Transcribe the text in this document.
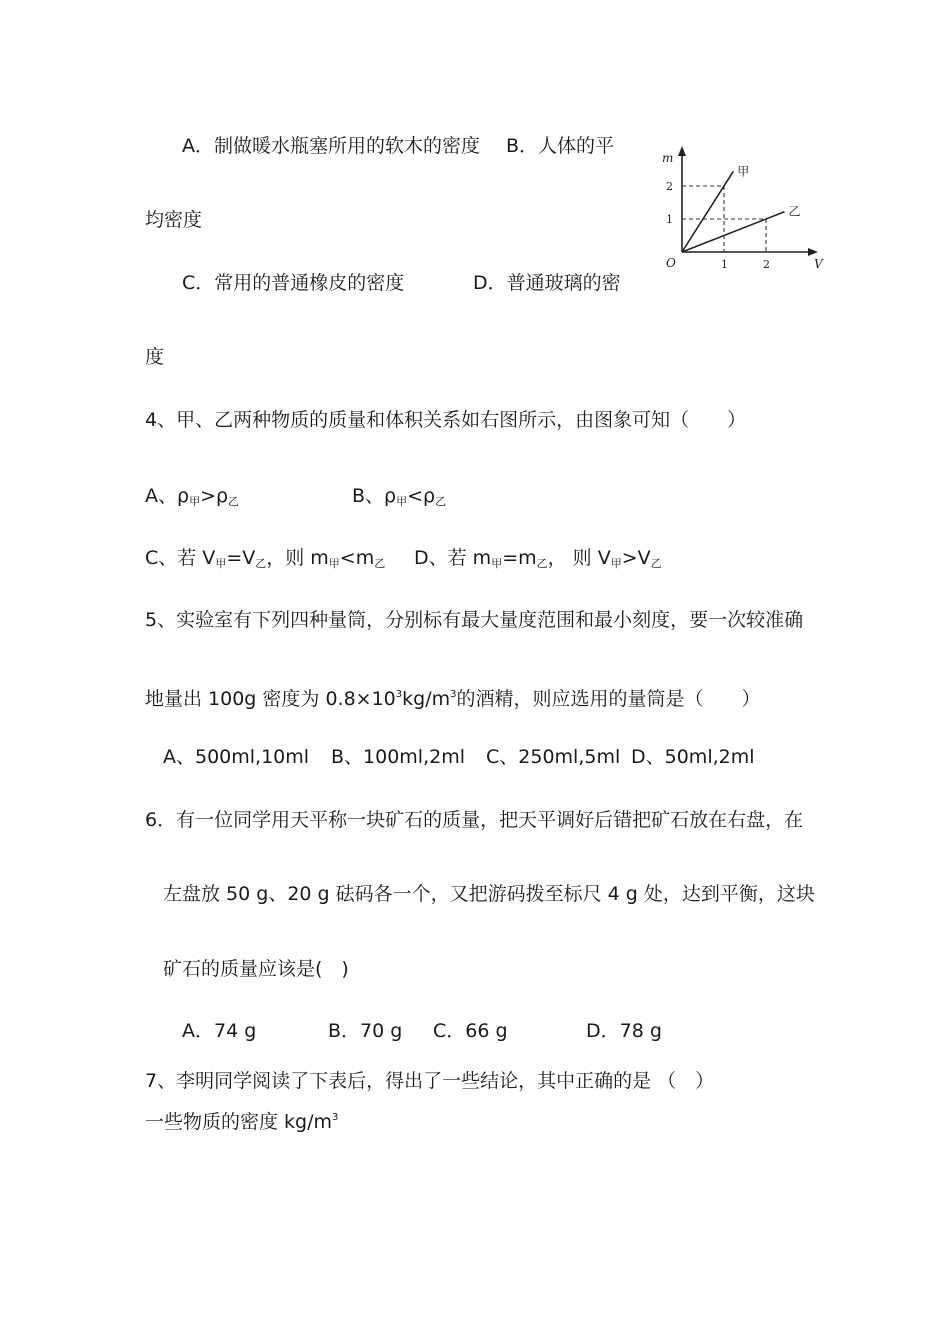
A．制做暖水瓶塞所用的软木的密度 B．人体的平
均密度
C．常用的普通橡皮的密度	D．普通玻璃的密
度
甲
乙
m
V
O
2
1
1	2
4、甲、乙两种物质的质量和体积关系如右图所示，由图象可知（　　）
A、$\rho_甲>\rho_乙$	B、$\rho_甲<\rho_乙$
C、若 $V_甲=V_乙$，则 $m_甲<m_乙$ D、若 $m_甲=m_乙$， 则 $V_甲>V_乙$
5、实验室有下列四种量筒，分别标有最大量度范围和最小刻度，要一次较准确
地量出 100g 密度为 $0.8\times 10^3kg/m^3$的酒精，则应选用的量筒是（　　）
A、500ml,10ml B、100ml,2ml C、250ml,5ml D、50ml,2ml
6．有一位同学用天平称一块矿石的质量，把天平调好后错把矿石放在右盘，在
左盘放 50 g、20 g 砝码各一个，又把游码拨至标尺 4 g 处，达到平衡，这块
矿石的质量应该是(　)
A．74 g	B．70 g C．66 g	D．78 g
7、李明同学阅读了下表后，得出了一些结论，其中正确的是 （　）
一些物质的密度 $kg/m^3$
